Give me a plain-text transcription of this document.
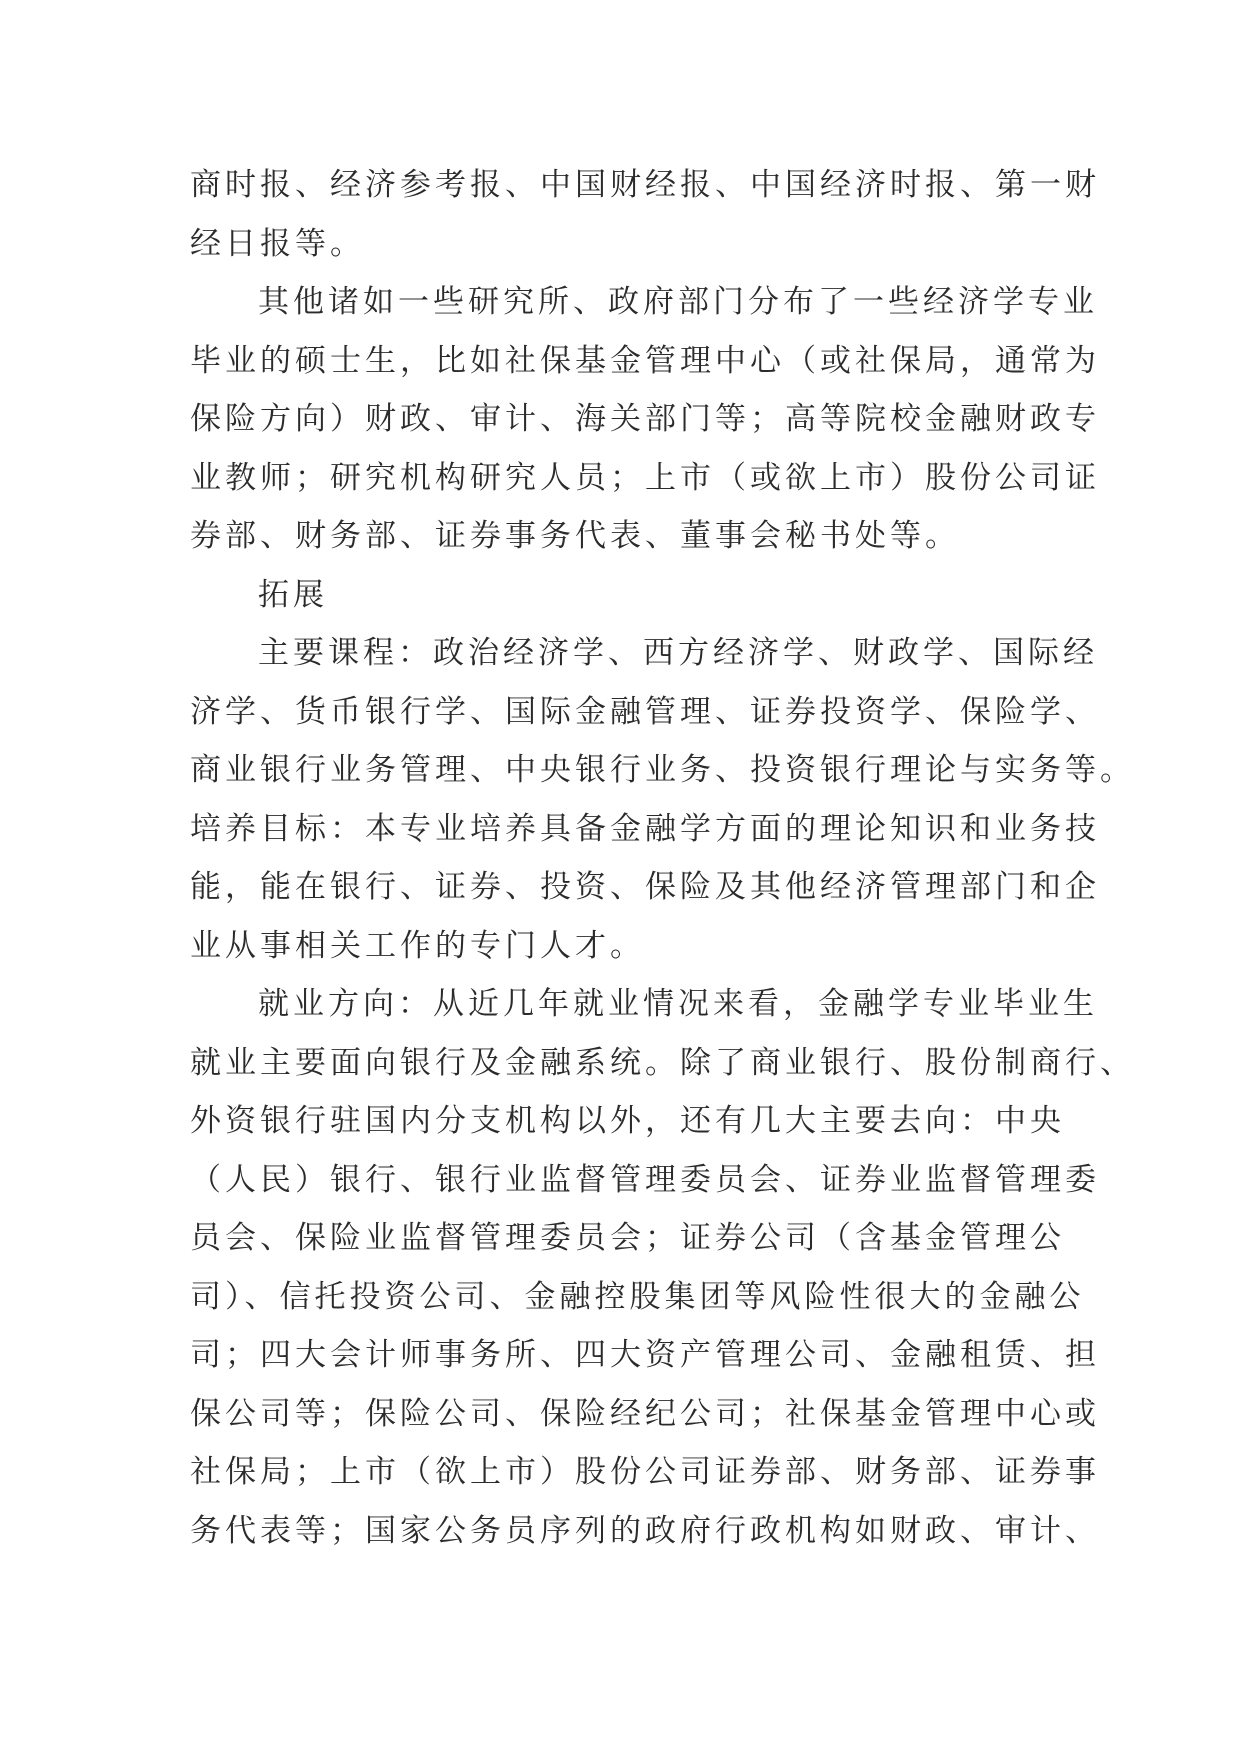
商时报、经济参考报、中国财经报、中国经济时报、第一财
经日报等。
其他诸如一些研究所、政府部门分布了一些经济学专业
毕业的硕士生，比如社保基金管理中心（或社保局，通常为
保险方向）财政、审计、海关部门等；高等院校金融财政专
业教师；研究机构研究人员；上市（或欲上市）股份公司证
券部、财务部、证券事务代表、董事会秘书处等。
拓展
主要课程：政治经济学、西方经济学、财政学、国际经
济学、货币银行学、国际金融管理、证券投资学、保险学、
商业银行业务管理、中央银行业务、投资银行理论与实务等。
培养目标：本专业培养具备金融学方面的理论知识和业务技
能，能在银行、证券、投资、保险及其他经济管理部门和企
业从事相关工作的专门人才。
就业方向：从近几年就业情况来看，金融学专业毕业生
就业主要面向银行及金融系统。除了商业银行、股份制商行、
外资银行驻国内分支机构以外，还有几大主要去向：中央
（人民）银行、银行业监督管理委员会、证券业监督管理委
员会、保险业监督管理委员会；证券公司（含基金管理公
司）、信托投资公司、金融控股集团等风险性很大的金融公
司；四大会计师事务所、四大资产管理公司、金融租赁、担
保公司等；保险公司、保险经纪公司；社保基金管理中心或
社保局；上市（欲上市）股份公司证券部、财务部、证券事
务代表等；国家公务员序列的政府行政机构如财政、审计、
